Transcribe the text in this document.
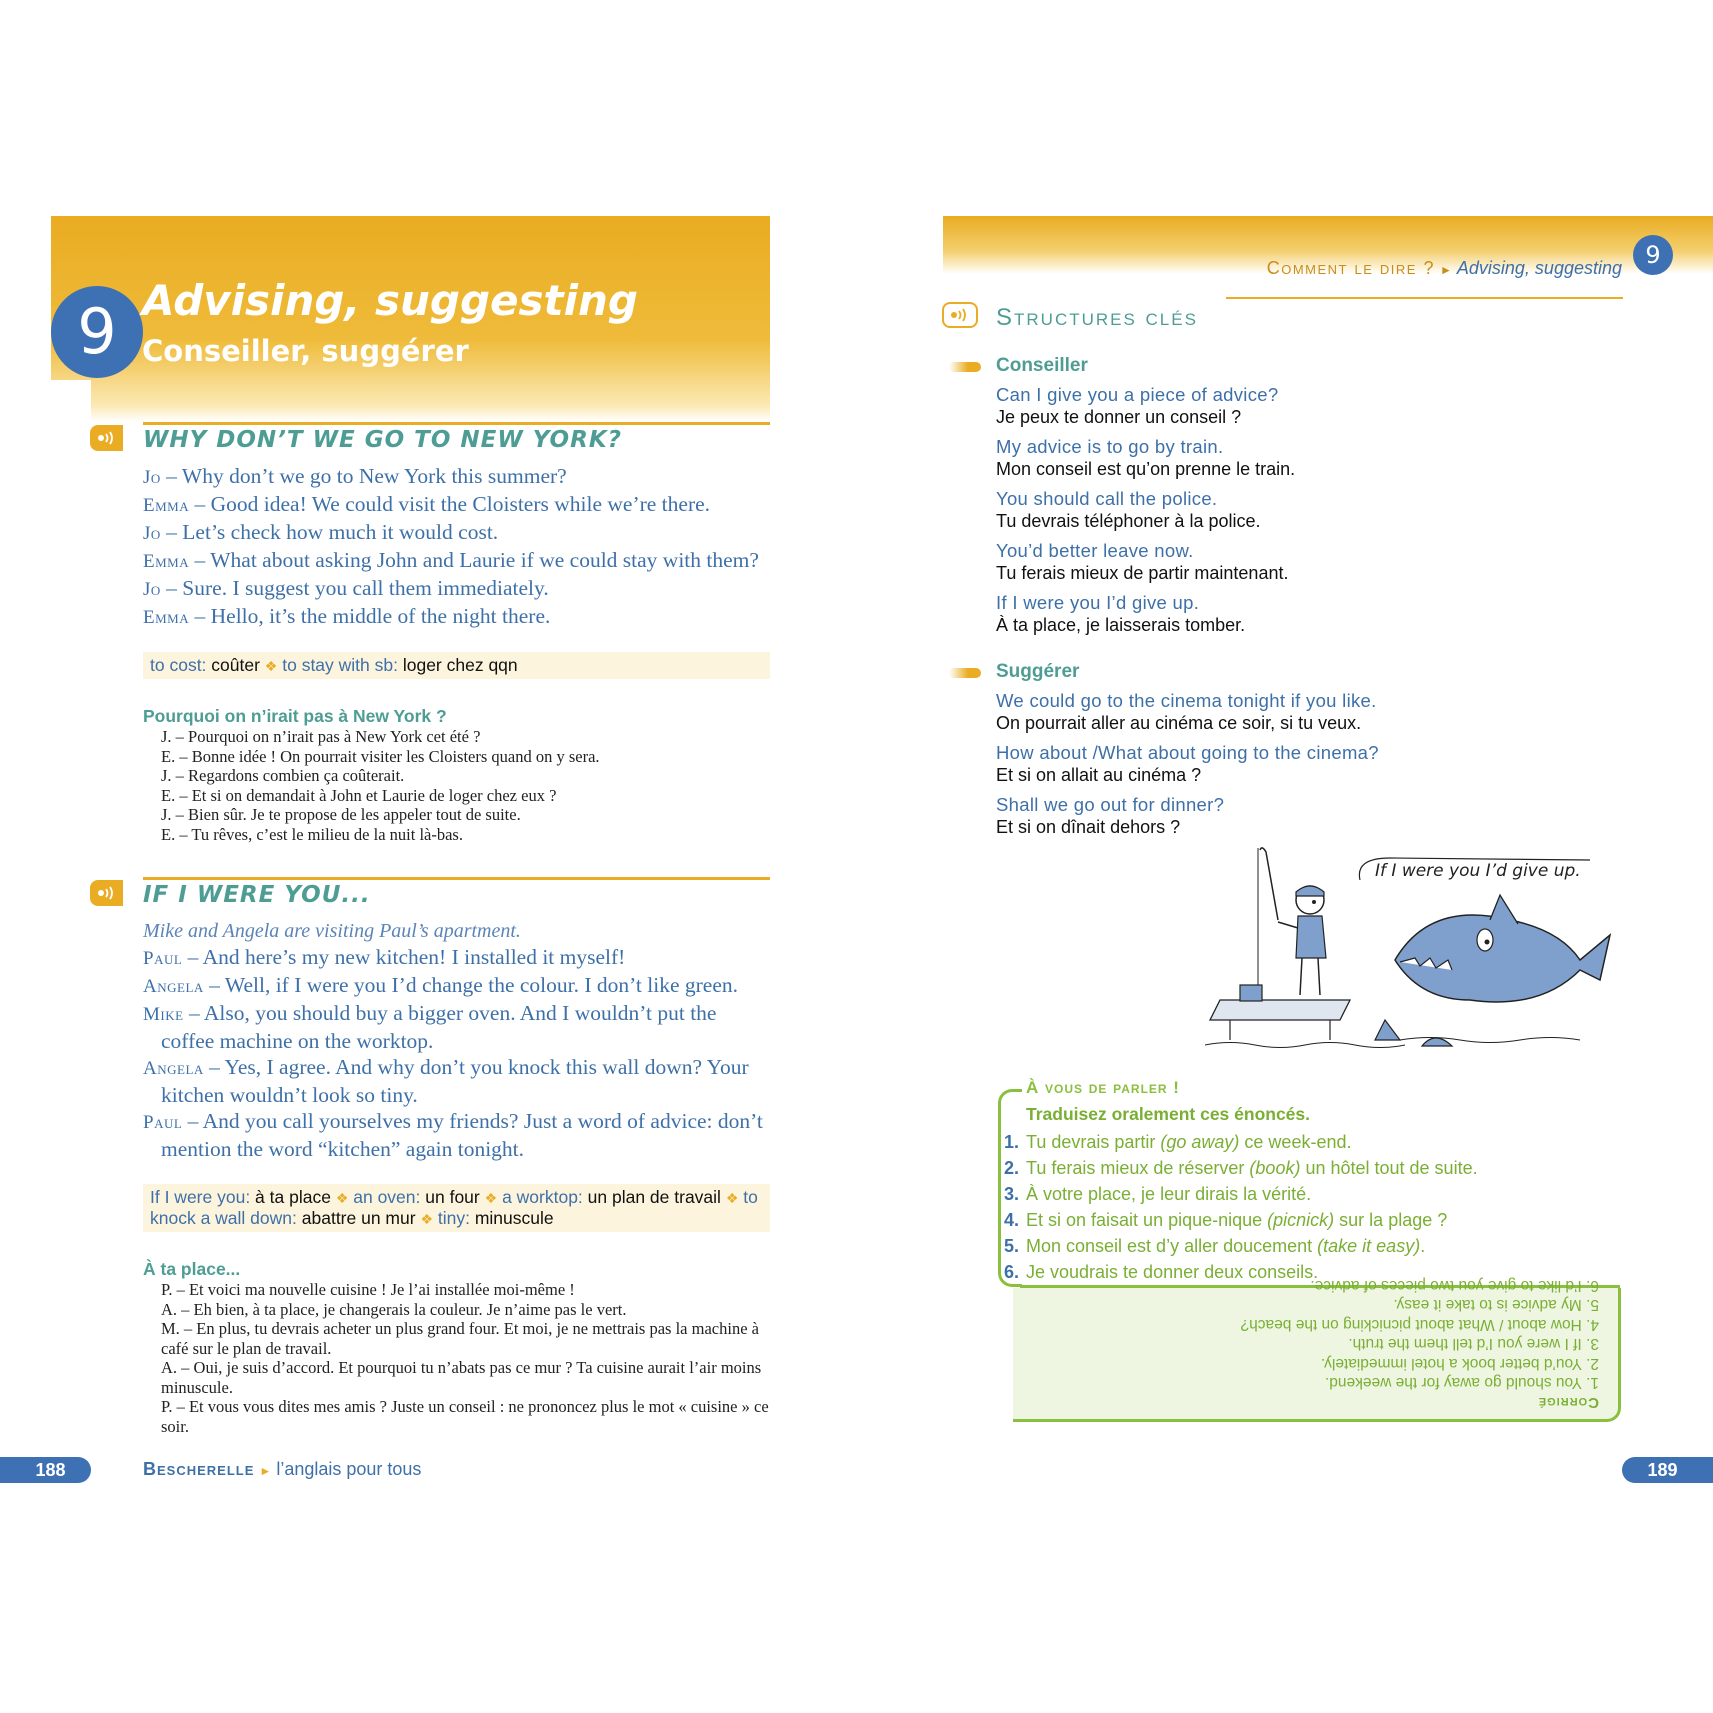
9 Advising, suggesting
Conseiller, suggérer
WHY DON’T WE GO TO NEW YORK?
Jo – Why don’t we go to New York this summer?
Emma – Good idea! We could visit the Cloisters while we’re there.
Jo – Let’s check how much it would cost.
Emma – What about asking John and Laurie if we could stay with them?
Jo – Sure. I suggest you call them immediately.
Emma – Hello, it’s the middle of the night there.
to cost: coûter ❖ to stay with sb: loger chez qqn
Pourquoi on n’irait pas à New York ?
J. – Pourquoi on n’irait pas à New York cet été ?
E. – Bonne idée ! On pourrait visiter les Cloisters quand on y sera.
J. – Regardons combien ça coûterait.
E. – Et si on demandait à John et Laurie de loger chez eux ?
J. – Bien sûr. Je te propose de les appeler tout de suite.
E. – Tu rêves, c’est le milieu de la nuit là-bas.
IF I WERE YOU...
Mike and Angela are visiting Paul’s apartment.
Paul – And here’s my new kitchen! I installed it myself!
Angela – Well, if I were you I’d change the colour. I don’t like green.
Mike – Also, you should buy a bigger oven. And I wouldn’t put the coffee machine on the worktop.
Angela – Yes, I agree. And why don’t you knock this wall down? Your kitchen wouldn’t look so tiny.
Paul – And you call yourselves my friends? Just a word of advice: don’t mention the word “kitchen” again tonight.
If I were you: à ta place ❖ an oven: un four ❖ a worktop: un plan de travail ❖ to knock a wall down: abattre un mur ❖ tiny: minuscule
À ta place...
P. – Et voici ma nouvelle cuisine ! Je l’ai installée moi-même !
A. – Eh bien, à ta place, je changerais la couleur. Je n’aime pas le vert.
M. – En plus, tu devrais acheter un plus grand four. Et moi, je ne mettrais pas la machine à café sur le plan de travail.
A. – Oui, je suis d’accord. Et pourquoi tu n’abats pas ce mur ? Ta cuisine aurait l’air moins minuscule.
P. – Et vous vous dites mes amis ? Juste un conseil : ne prononcez plus le mot « cuisine » ce soir.
188	Bescherelle ► l’anglais pour tous
9
Comment le dire ? ► Advising, suggesting
Structures clés
Conseiller
Can I give you a piece of advice?
Je peux te donner un conseil ?
My advice is to go by train.
Mon conseil est qu’on prenne le train.
You should call the police.
Tu devrais téléphoner à la police.
You’d better leave now.
Tu ferais mieux de partir maintenant.
If I were you I’d give up.
À ta place, je laisserais tomber.
Suggérer
We could go to the cinema tonight if you like.
On pourrait aller au cinéma ce soir, si tu veux.
How about /What about going to the cinema?
Et si on allait au cinéma ?
Shall we go out for dinner?
Et si on dînait dehors ?
If I were you I’d give up.
À vous de parler !
Traduisez oralement ces énoncés.
1. Tu devrais partir (go away) ce week-end.
2. Tu ferais mieux de réserver (book) un hôtel tout de suite.
3. À votre place, je leur dirais la vérité.
4. Et si on faisait un pique-nique (picnick) sur la plage ?
5. Mon conseil est d’y aller doucement (take it easy).
6. Je voudrais te donner deux conseils.
Corrigé
1. You should go away for the weekend.
2. You’d better book a hotel immediately.
3. If I were you I’d tell them the truth.
4. How about / What about picnicking on the beach?
5. My advice is to take it easy.
6. I’d like to give you two pieces of advice.
189
